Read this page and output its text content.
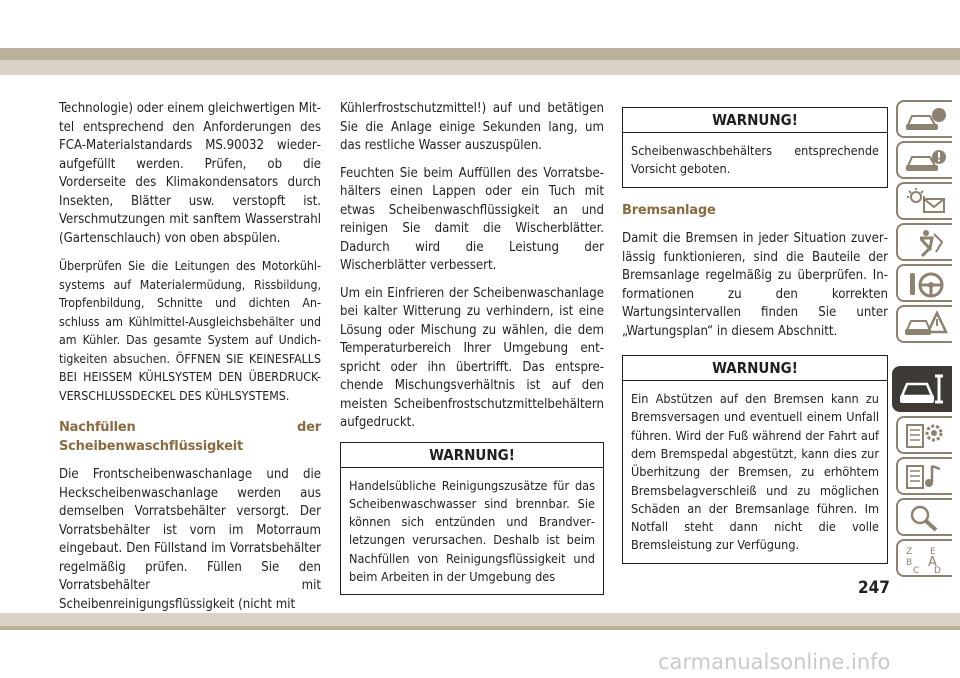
Technologie) oder einem gleichwertigen Mittel entsprechend den Anforderungen des FCA-Materialstandards MS.90032 wiederaufgefüllt werden. Prüfen, ob die Vorderseite des Klimakondensators durch Insekten, Blätter usw. verstopft ist. Verschmutzungen mit sanftem Wasserstrahl (Gartenschlauch) von oben abspülen.

Überprüfen Sie die Leitungen des Motorkühlsystems auf Materialermüdung, Rissbildung, Tropfenbildung, Schnitte und dichten Anschluss am Kühlmittel-Ausgleichsbehälter und am Kühler. Das gesamte System auf Undichtigkeiten absuchen. ÖFFNEN SIE KEINESFALLS BEI HEISSEM KÜHLSYSTEM DEN ÜBERDRUCK-VERSCHLUSSDECKEL DES KÜHLSYSTEMS.

Nachfüllen der Scheibenwaschflüssigkeit

Die Frontscheibenwaschanlage und die Heckscheibenwaschanlage werden aus demselben Vorratsbehälter versorgt. Der Vorratsbehälter ist vorn im Motorraum eingebaut. Den Füllstand im Vorratsbehälter regelmäßig prüfen. Füllen Sie den Vorratsbehälter mit Scheibenreinigungsflüssigkeit (nicht mit

Kühlerfrostschutzmittel!) auf und betätigen Sie die Anlage einige Sekunden lang, um das restliche Wasser auszuspülen.

Feuchten Sie beim Auffüllen des Vorratsbehälters einen Lappen oder ein Tuch mit etwas Scheibenwaschflüssigkeit an und reinigen Sie damit die Wischerblätter. Dadurch wird die Leistung der Wischerblätter verbessert.

Um ein Einfrieren der Scheibenwaschanlage bei kalter Witterung zu verhindern, ist eine Lösung oder Mischung zu wählen, die dem Temperaturbereich Ihrer Umgebung entspricht oder ihn übertrifft. Das entsprechende Mischungsverhältnis ist auf den meisten Scheibenfrostschutzmittelbehältern aufgedruckt.

WARNUNG!
Handelsübliche Reinigungszusätze für das Scheibenwaschwasser sind brennbar. Sie können sich entzünden und Brandverletzungen verursachen. Deshalb ist beim Nachfüllen von Reinigungsflüssigkeit und beim Arbeiten in der Umgebung des
WARNUNG!
Scheibenwaschbehälters entsprechende Vorsicht geboten.
Bremsanlage

Damit die Bremsen in jeder Situation zuverlässig funktionieren, sind die Bauteile der Bremsanlage regelmäßig zu überprüfen. Informationen zu den korrekten Wartungsintervallen finden Sie unter „Wartungsplan“ in diesem Abschnitt.

WARNUNG!
Ein Abstützen auf den Bremsen kann zu Bremsversagen und eventuell einem Unfall führen. Wird der Fuß während der Fahrt auf dem Bremspedal abgestützt, kann dies zur Überhitzung der Bremsen, zu erhöhtem Bremsbelagverschleiß und zu möglichen Schäden an der Bremsanlage führen. Im Notfall steht dann nicht die volle Bremsleistung zur Verfügung.	Z E
B A
C D
247
carmanualsonline.info
